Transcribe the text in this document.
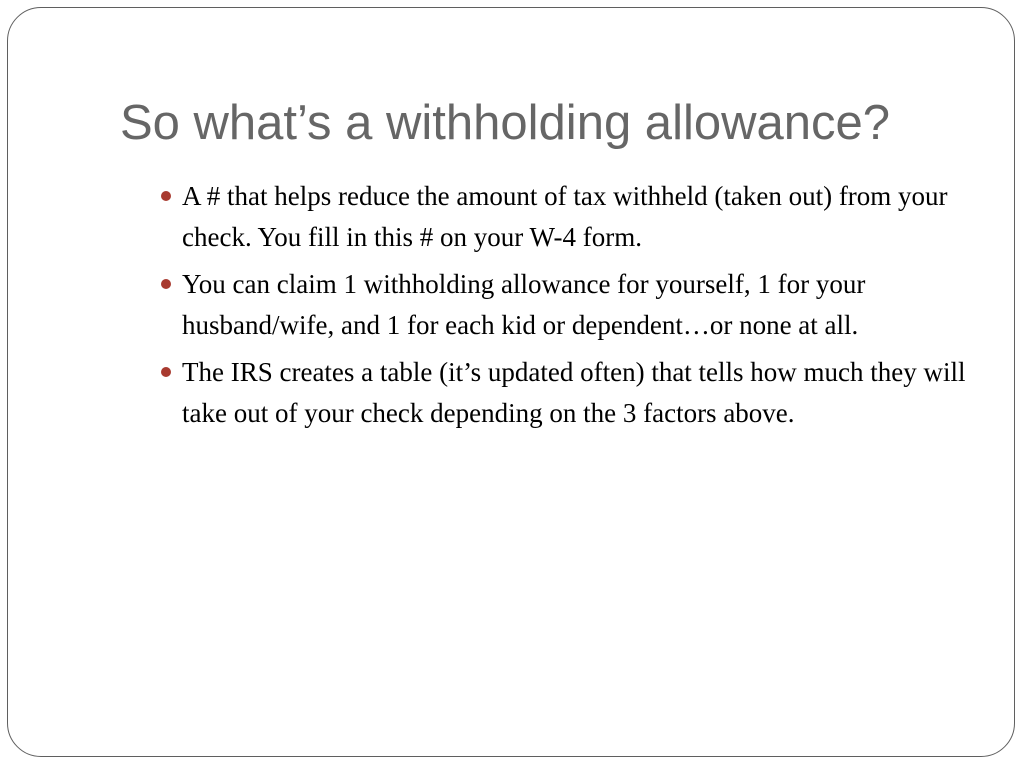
So what’s a withholding allowance?
A # that helps reduce the amount of tax withheld (taken out) from your check. You fill in this # on your W-4 form.
You can claim 1 withholding allowance for yourself, 1 for your husband/wife, and 1 for each kid or dependent…or none at all.
The IRS creates a table (it’s updated often) that tells how much they will take out of your check depending on the 3 factors above.
